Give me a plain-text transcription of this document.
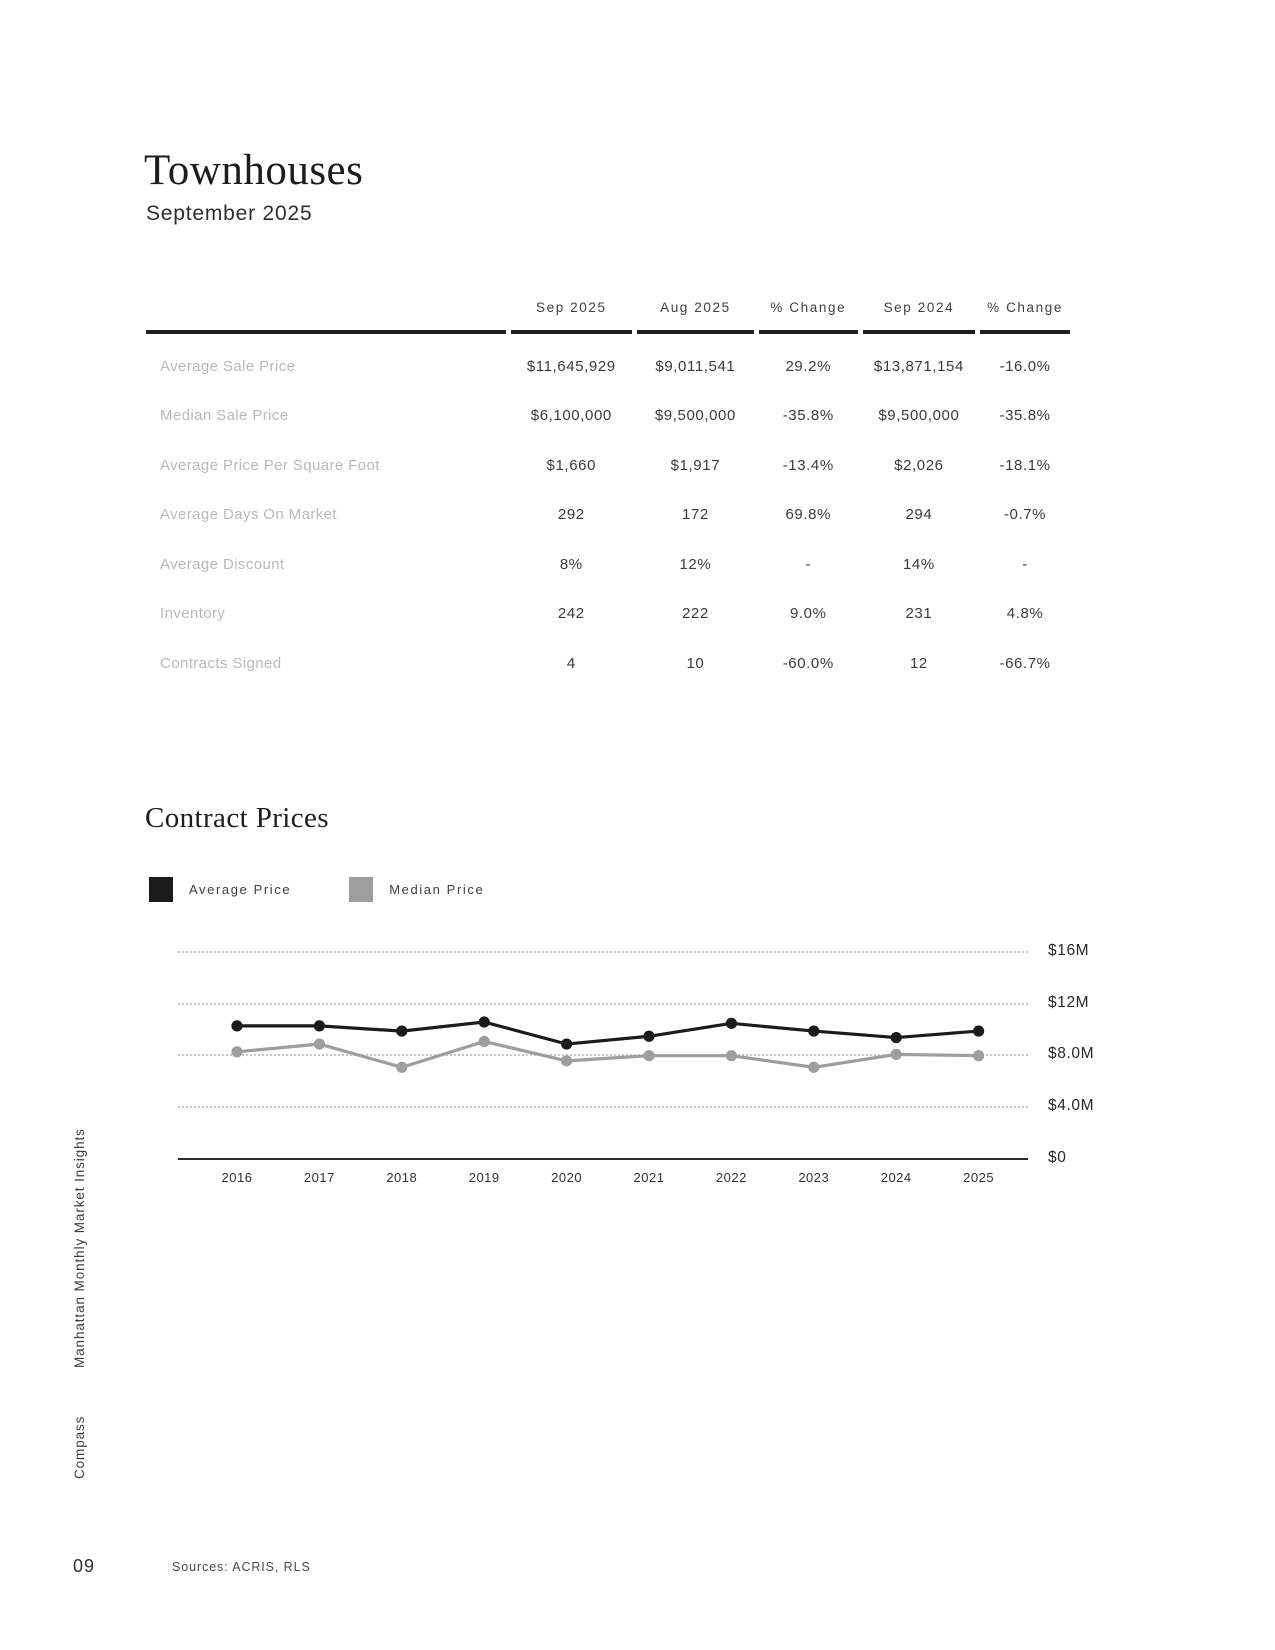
Townhouses
September 2025
	Sep 2025	Aug 2025	% Change	Sep 2024	% Change
Average Sale Price	$11,645,929	$9,011,541	29.2%	$13,871,154	-16.0%
Median Sale Price	$6,100,000	$9,500,000	-35.8%	$9,500,000	-35.8%
Average Price Per Square Foot	$1,660	$1,917	-13.4%	$2,026	-18.1%
Average Days On Market	292	172	69.8%	294	-0.7%
Average Discount	8%	12%	-	14%	-
Inventory	242	222	9.0%	231	4.8%
Contracts Signed	4	10	-60.0%	12	-66.7%
Contract Prices
Average Price	Median Price
$16M
$12M
$8.0M
$4.0M
$0
2016	2017	2018	2019	2020	2021	2022	2023	2024	2025
Manhattan Monthly Market Insights
Compass
09	Sources: ACRIS, RLS
